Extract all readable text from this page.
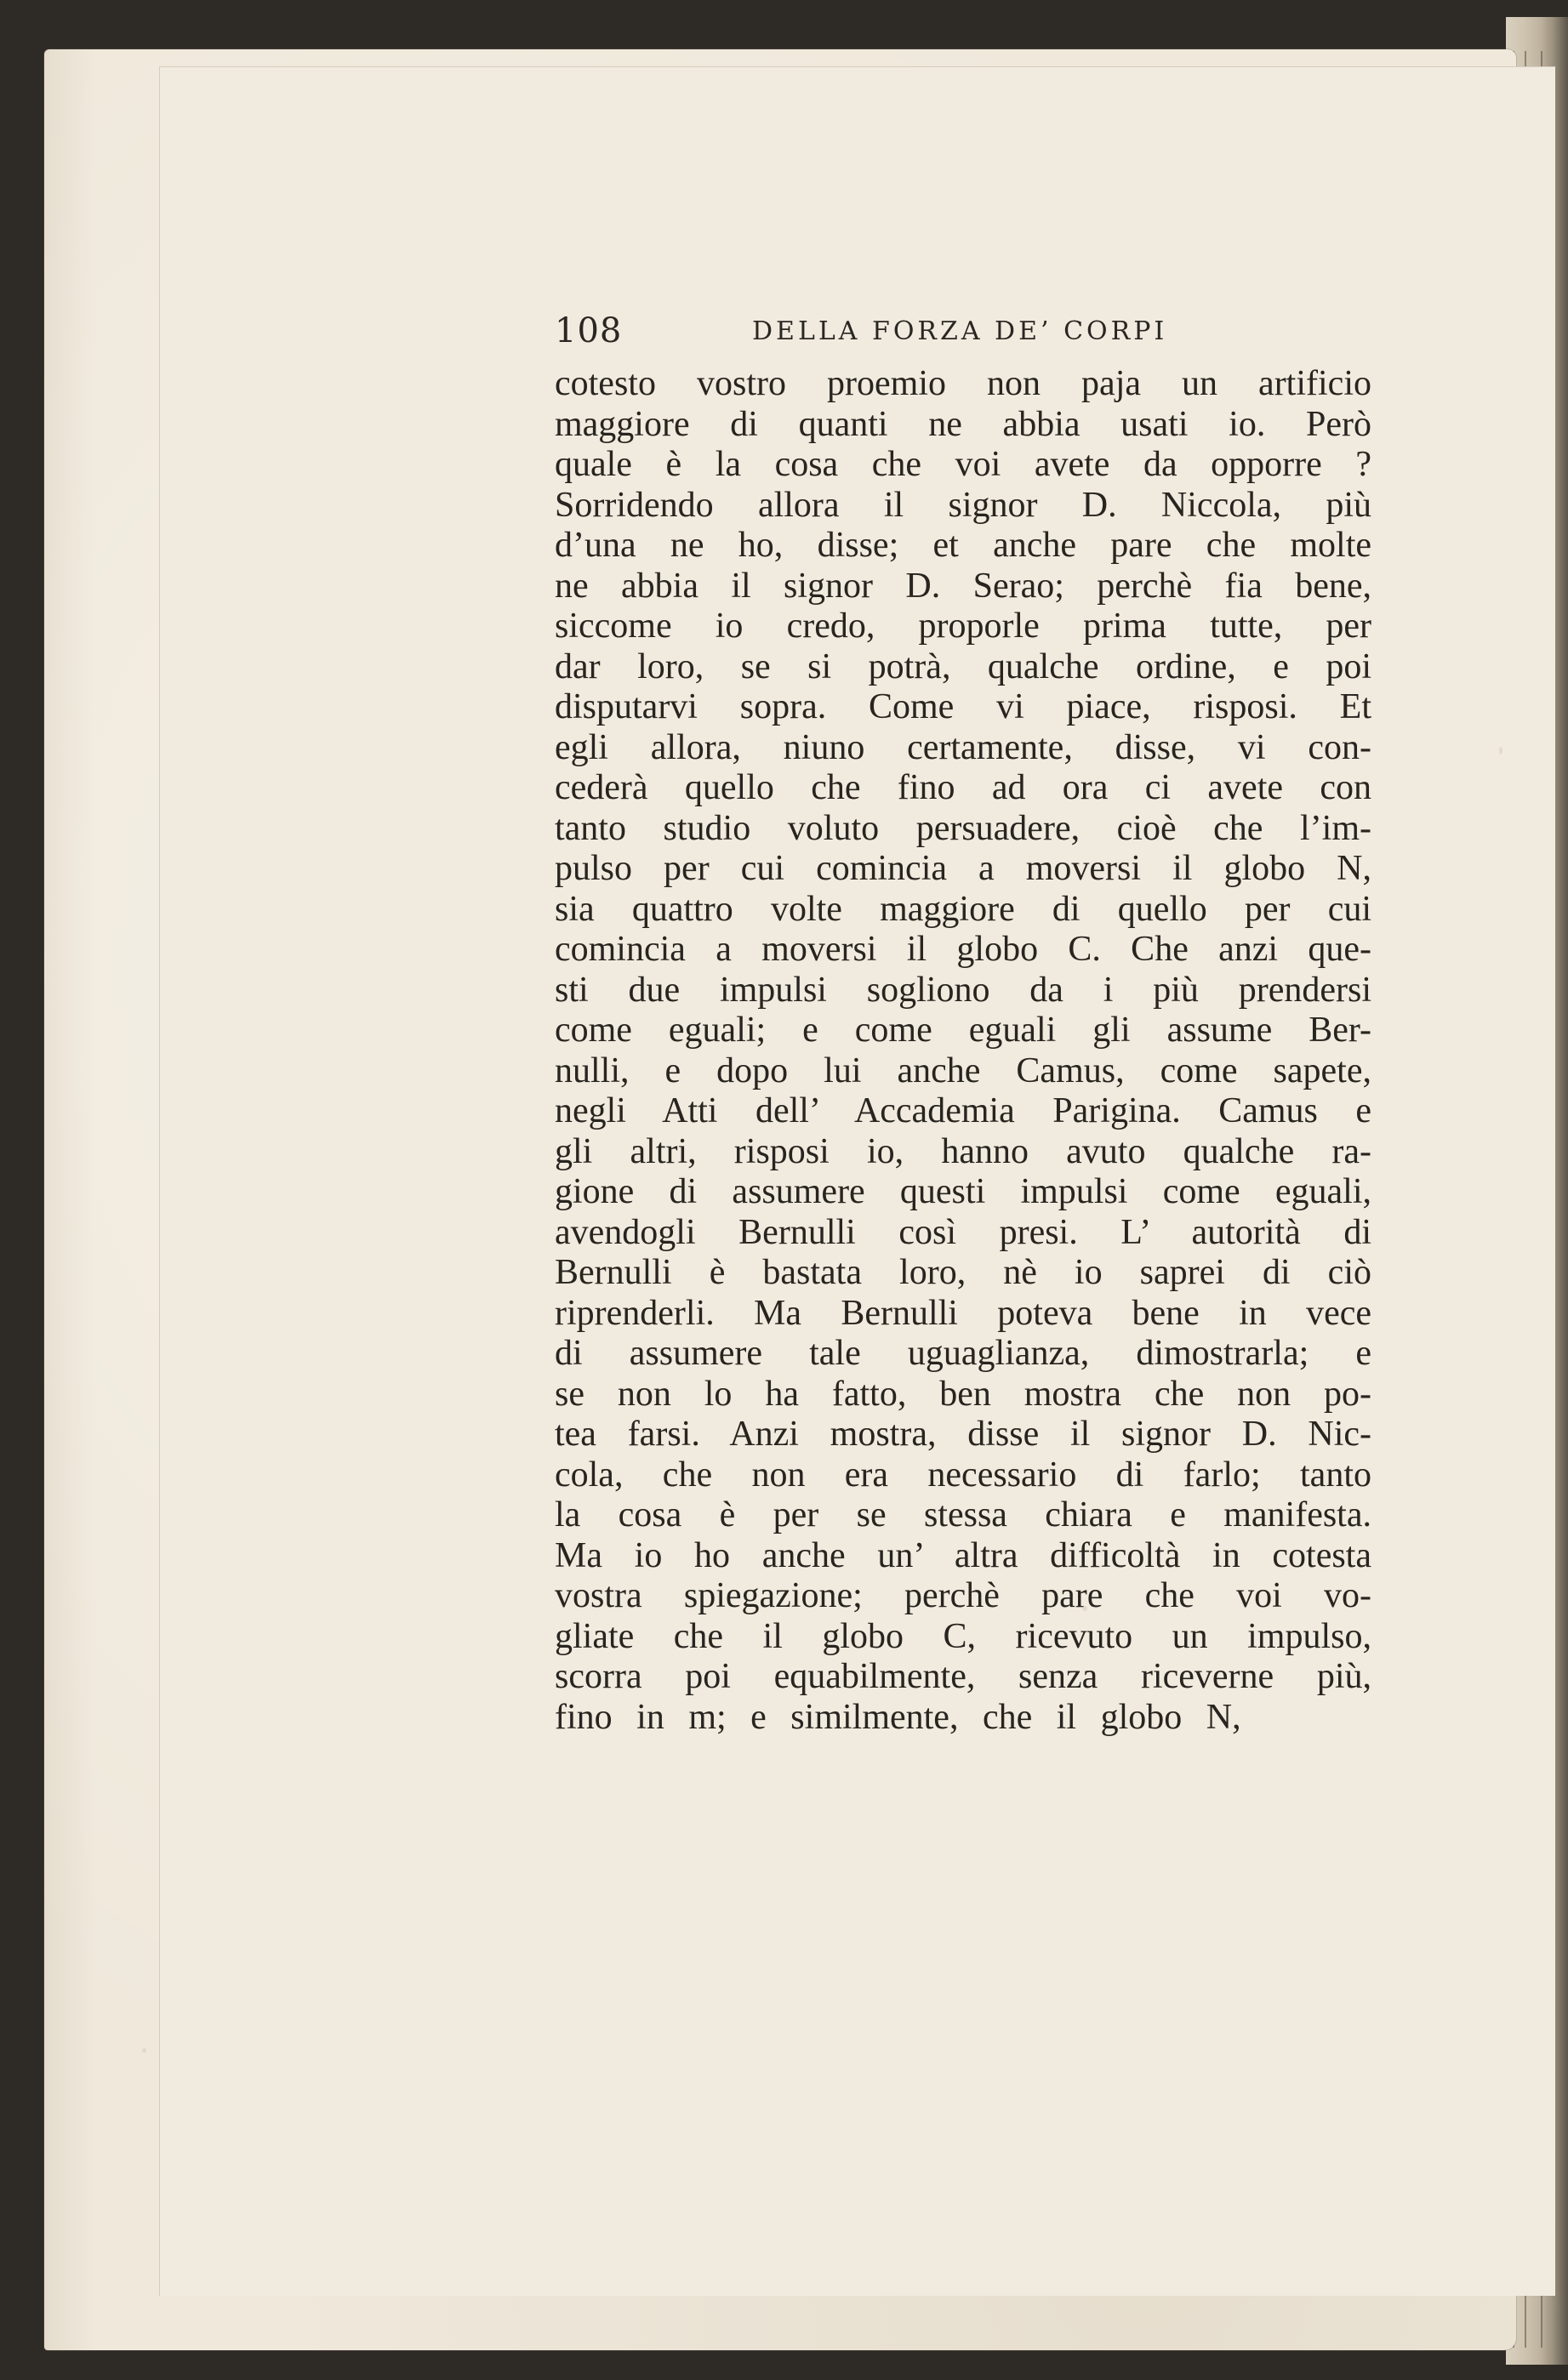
108	DELLA FORZA DE’ CORPI
cotesto vostro proemio non paja un artificio
maggiore di quanti ne abbia usati io. Però
quale è la cosa che voi avete da opporre ?
Sorridendo allora il signor D. Niccola, più
d’una ne ho, disse; et anche pare che molte
ne abbia il signor D. Serao; perchè fia bene,
siccome io credo, proporle prima tutte, per
dar loro, se si potrà, qualche ordine, e poi
disputarvi sopra. Come vi piace, risposi. Et
egli allora, niuno certamente, disse, vi con-
cederà quello che fino ad ora ci avete con
tanto studio voluto persuadere, cioè che l’im-
pulso per cui comincia a moversi il globo N,
sia quattro volte maggiore di quello per cui
comincia a moversi il globo C. Che anzi que-
sti due impulsi sogliono da i più prendersi
come eguali; e come eguali gli assume Ber-
nulli, e dopo lui anche Camus, come sapete,
negli Atti dell’ Accademia Parigina. Camus e
gli altri, risposi io, hanno avuto qualche ra-
gione di assumere questi impulsi come eguali,
avendogli Bernulli così presi. L’ autorità di
Bernulli è bastata loro, nè io saprei di ciò
riprenderli. Ma Bernulli poteva bene in vece
di assumere tale uguaglianza, dimostrarla; e
se non lo ha fatto, ben mostra che non po-
tea farsi. Anzi mostra, disse il signor D. Nic-
cola, che non era necessario di farlo; tanto
la cosa è per se stessa chiara e manifesta.
Ma io ho anche un’ altra difficoltà in cotesta
vostra spiegazione; perchè pare che voi vo-
gliate che il globo C, ricevuto un impulso,
scorra poi equabilmente, senza riceverne più,
fino in m; e similmente, che il globo N,
